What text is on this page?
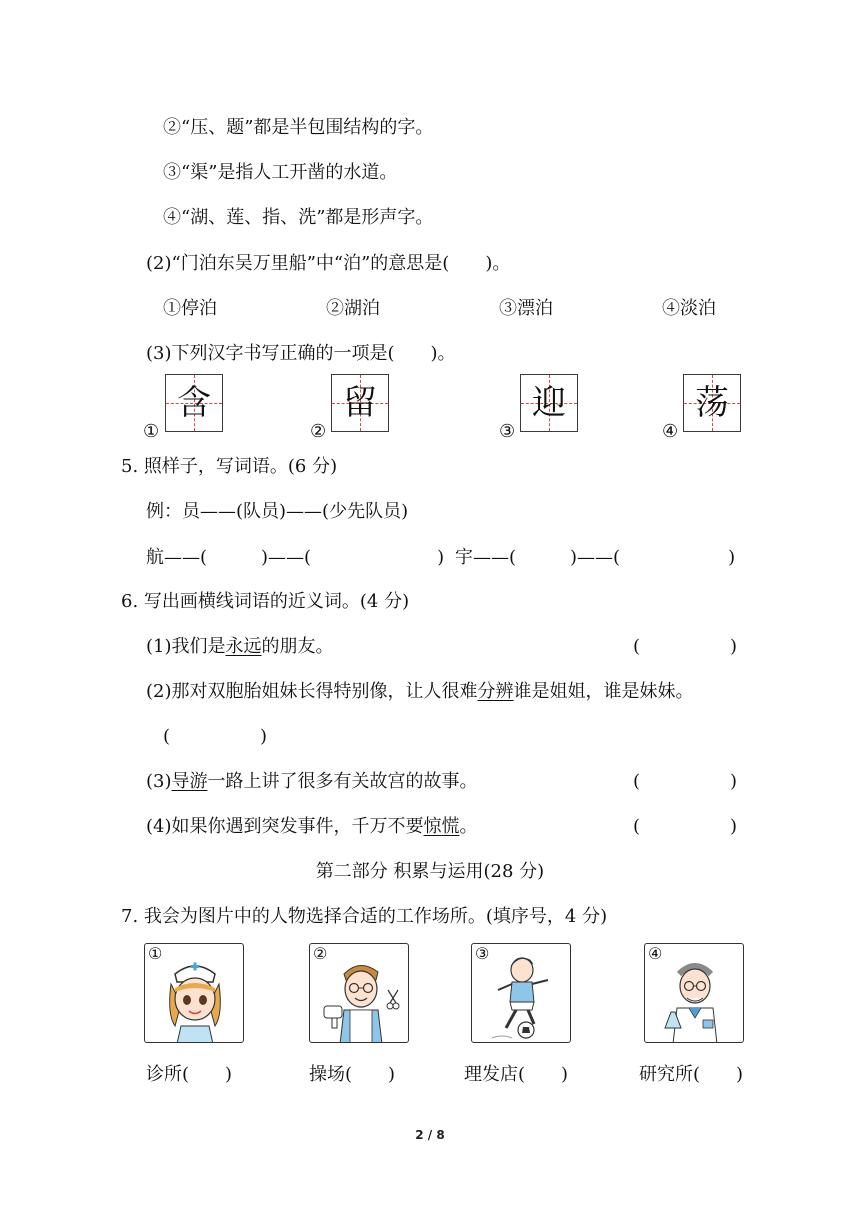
②“压、题”都是半包围结构的字。
③“渠”是指人工开凿的水道。
④“湖、莲、指、洗”都是形声字。
(2)“门泊东吴万里船”中“泊”的意思是(　　)。
①停泊	②湖泊	③漂泊	④淡泊
(3)下列汉字书写正确的一项是(　　)。
①
含
②
留
③
迎
④
荡
5. 照样子，写词语。(6 分)
例：员——(队员)——(少先队员)
航——(　　　)——(　　　　　　　) 宇——(　　　)——(　　　　　　)
6. 写出画横线词语的近义词。(4 分)
(1)我们是永远的朋友。	(　　　　　)
(2)那对双胞胎姐妹长得特别像，让人很难分辨谁是姐姐，谁是妹妹。
(　　　　　)
(3)导游一路上讲了很多有关故宫的故事。	(　　　　　)
(4)如果你遇到突发事件，千万不要惊慌。	(　　　　　)
第二部分 积累与运用(28 分)
7. 我会为图片中的人物选择合适的工作场所。(填序号，4 分)
①	②	③	④
诊所(　　)	操场(　　)	理发店(　　)	研究所(　　)
2 / 8
